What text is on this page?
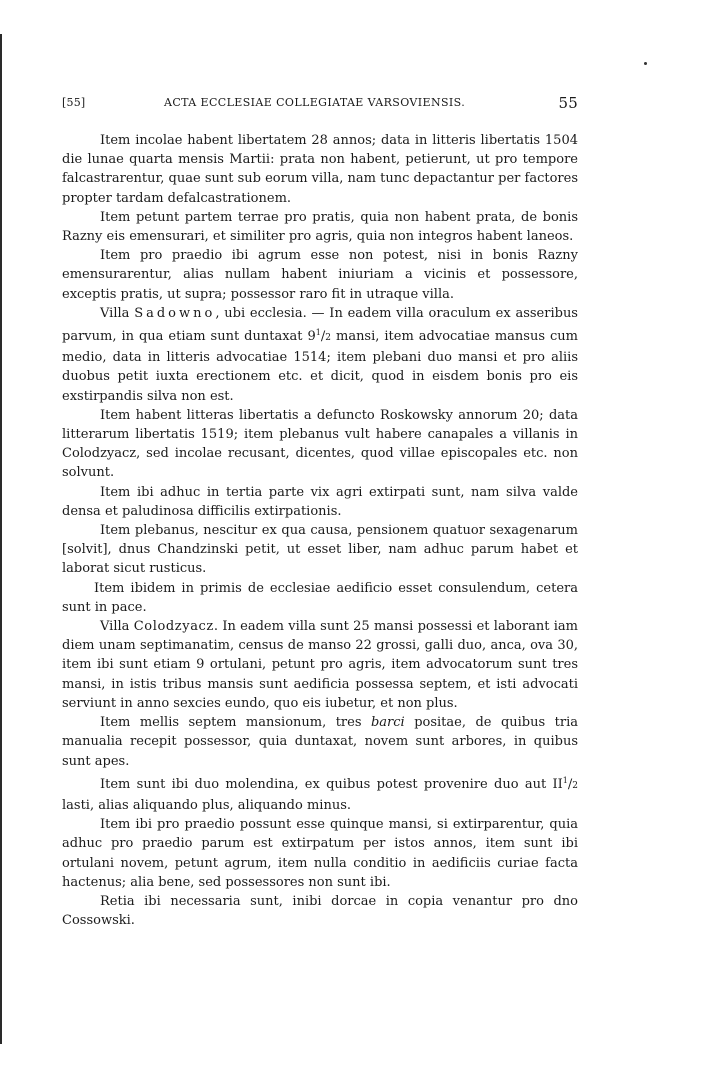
[55]	ACTA ECCLESIAE COLLEGIATAE VARSOVIENSIS.	55

Item incolae habent libertatem 28 annos; data in litteris libertatis 1504 die lunae quarta mensis Martii: prata non habent, petierunt, ut pro tempore falcastrarentur, quae sunt sub eorum villa, nam tunc depactantur per factores propter tardam defalcastrationem.

Item petunt partem terrae pro pratis, quia non habent prata, de bonis Razny eis emensurari, et similiter pro agris, quia non integros habent laneos.

Item pro praedio ibi agrum esse non potest, nisi in bonis Razny emensurarentur, alias nullam habent iniuriam a vicinis et possessore, exceptis pratis, ut supra; possessor raro fit in utraque villa.

Villa Sadowno, ubi ecclesia. — In eadem villa oraculum ex asseribus parvum, in qua etiam sunt duntaxat $9^1/2$ mansi, item advocatiae mansus cum medio, data in litteris advocatiae 1514; item plebani duo mansi et pro aliis duobus petit iuxta erectionem etc. et dicit, quod in eisdem bonis pro eis exstirpandis silva non est.

Item habent litteras libertatis a defuncto Roskowsky annorum 20; data litterarum libertatis 1519; item plebanus vult habere canapales a villanis in Colodzyacz, sed incolae recusant, dicentes, quod villae episcopales etc. non solvunt.

Item ibi adhuc in tertia parte vix agri extirpati sunt, nam silva valde densa et paludinosa difficilis extirpationis.

Item plebanus, nescitur ex qua causa, pensionem quatuor sexagenarum [solvit], dnus Chandzinski petit, ut esset liber, nam adhuc parum habet et laborat sicut rusticus.

Item ibidem in primis de ecclesiae aedificio esset consulendum, cetera sunt in pace.

Villa Colodzyacz. In eadem villa sunt 25 mansi possessi et laborant iam diem unam septimanatim, census de manso 22 grossi, galli duo, anca, ova 30, item ibi sunt etiam 9 ortulani, petunt pro agris, item advocatorum sunt tres mansi, in istis tribus mansis sunt aedificia possessa septem, et isti advocati serviunt in anno sexcies eundo, quo eis iubetur, et non plus.

Item mellis septem mansionum, tres barci positae, de quibus tria manualia recepit possessor, quia duntaxat, novem sunt arbores, in quibus sunt apes.

Item sunt ibi duo molendina, ex quibus potest provenire duo aut $II^1/2$ lasti, alias aliquando plus, aliquando minus.

Item ibi pro praedio possunt esse quinque mansi, si extirparentur, quia adhuc pro praedio parum est extirpatum per istos annos, item sunt ibi ortulani novem, petunt agrum, item nulla conditio in aedificiis curiae facta hactenus; alia bene, sed possessores non sunt ibi.

Retia ibi necessaria sunt, inibi dorcae in copia venantur pro dno Cossowski.
